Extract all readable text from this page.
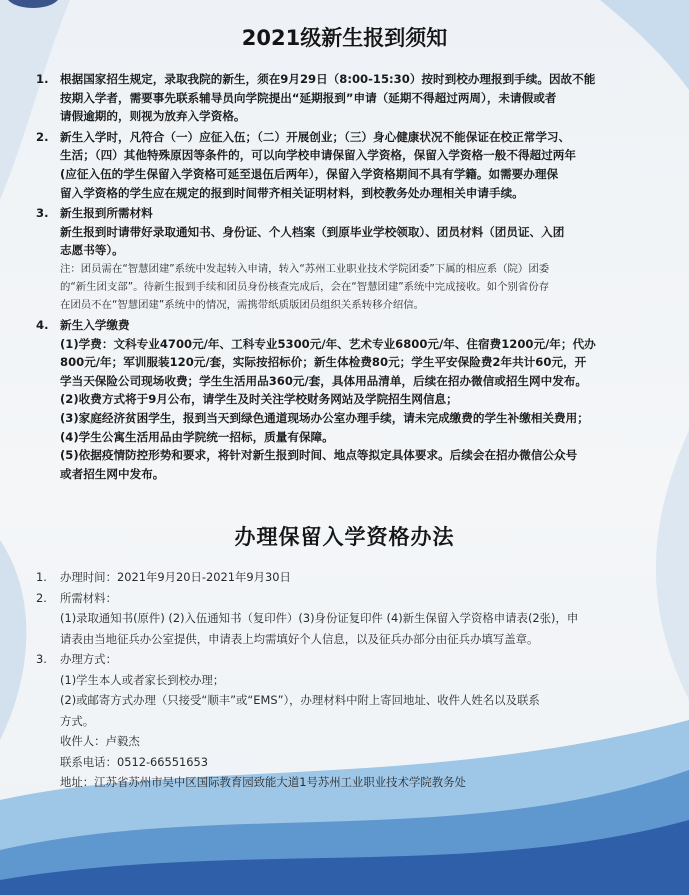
2021级新生报到须知
1. 根据国家招生规定，录取我院的新生，须在9月29日（8:00-15:30）按时到校办理报到手续。因故不能
按期入学者，需要事先联系辅导员向学院提出“延期报到”申请（延期不得超过两周），未请假或者
请假逾期的，则视为放弃入学资格。
2. 新生入学时，凡符合（一）应征入伍；（二）开展创业；（三）身心健康状况不能保证在校正常学习、
生活；（四）其他特殊原因等条件的，可以向学校申请保留入学资格，保留入学资格一般不得超过两年
(应征入伍的学生保留入学资格可延至退伍后两年），保留入学资格期间不具有学籍。如需要办理保
留入学资格的学生应在规定的报到时间带齐相关证明材料，到校教务处办理相关申请手续。
3. 新生报到所需材料
新生报到时请带好录取通知书、身份证、个人档案（到原毕业学校领取）、团员材料（团员证、入团
志愿书等）。
注：团员需在“智慧团建”系统中发起转入申请，转入“苏州工业职业技术学院团委”下属的相应系（院）团委
的“新生团支部”。待新生报到手续和团员身份核查完成后，会在“智慧团建”系统中完成接收。如个别省份存
在团员不在“智慧团建”系统中的情况，需携带纸质版团员组织关系转移介绍信。
4. 新生入学缴费
(1)学费：文科专业4700元/年、工科专业5300元/年、艺术专业6800元/年、住宿费1200元/年；代办
800元/年；军训服装120元/套，实际按招标价；新生体检费80元；学生平安保险费2年共计60元，开
学当天保险公司现场收费；学生生活用品360元/套，具体用品清单，后续在招办微信或招生网中发布。
(2)收费方式将于9月公布，请学生及时关注学校财务网站及学院招生网信息；
(3)家庭经济贫困学生，报到当天到绿色通道现场办公室办理手续，请未完成缴费的学生补缴相关费用；
(4)学生公寓生活用品由学院统一招标，质量有保障。
(5)依据疫情防控形势和要求，将针对新生报到时间、地点等拟定具体要求。后续会在招办微信公众号
或者招生网中发布。
办理保留入学资格办法
1. 办理时间：2021年9月20日-2021年9月30日
2. 所需材料：
(1)录取通知书(原件) (2)入伍通知书（复印件）(3)身份证复印件 (4)新生保留入学资格申请表(2张)，申
请表由当地征兵办公室提供，申请表上均需填好个人信息，以及征兵办部分由征兵办填写盖章。
3. 办理方式：
(1)学生本人或者家长到校办理；
(2)或邮寄方式办理（只接受“顺丰”或“EMS”），办理材料中附上寄回地址、收件人姓名以及联系
方式。
收件人：卢毅杰
联系电话：0512-66551653
地址：江苏省苏州市吴中区国际教育园致能大道1号苏州工业职业技术学院教务处
